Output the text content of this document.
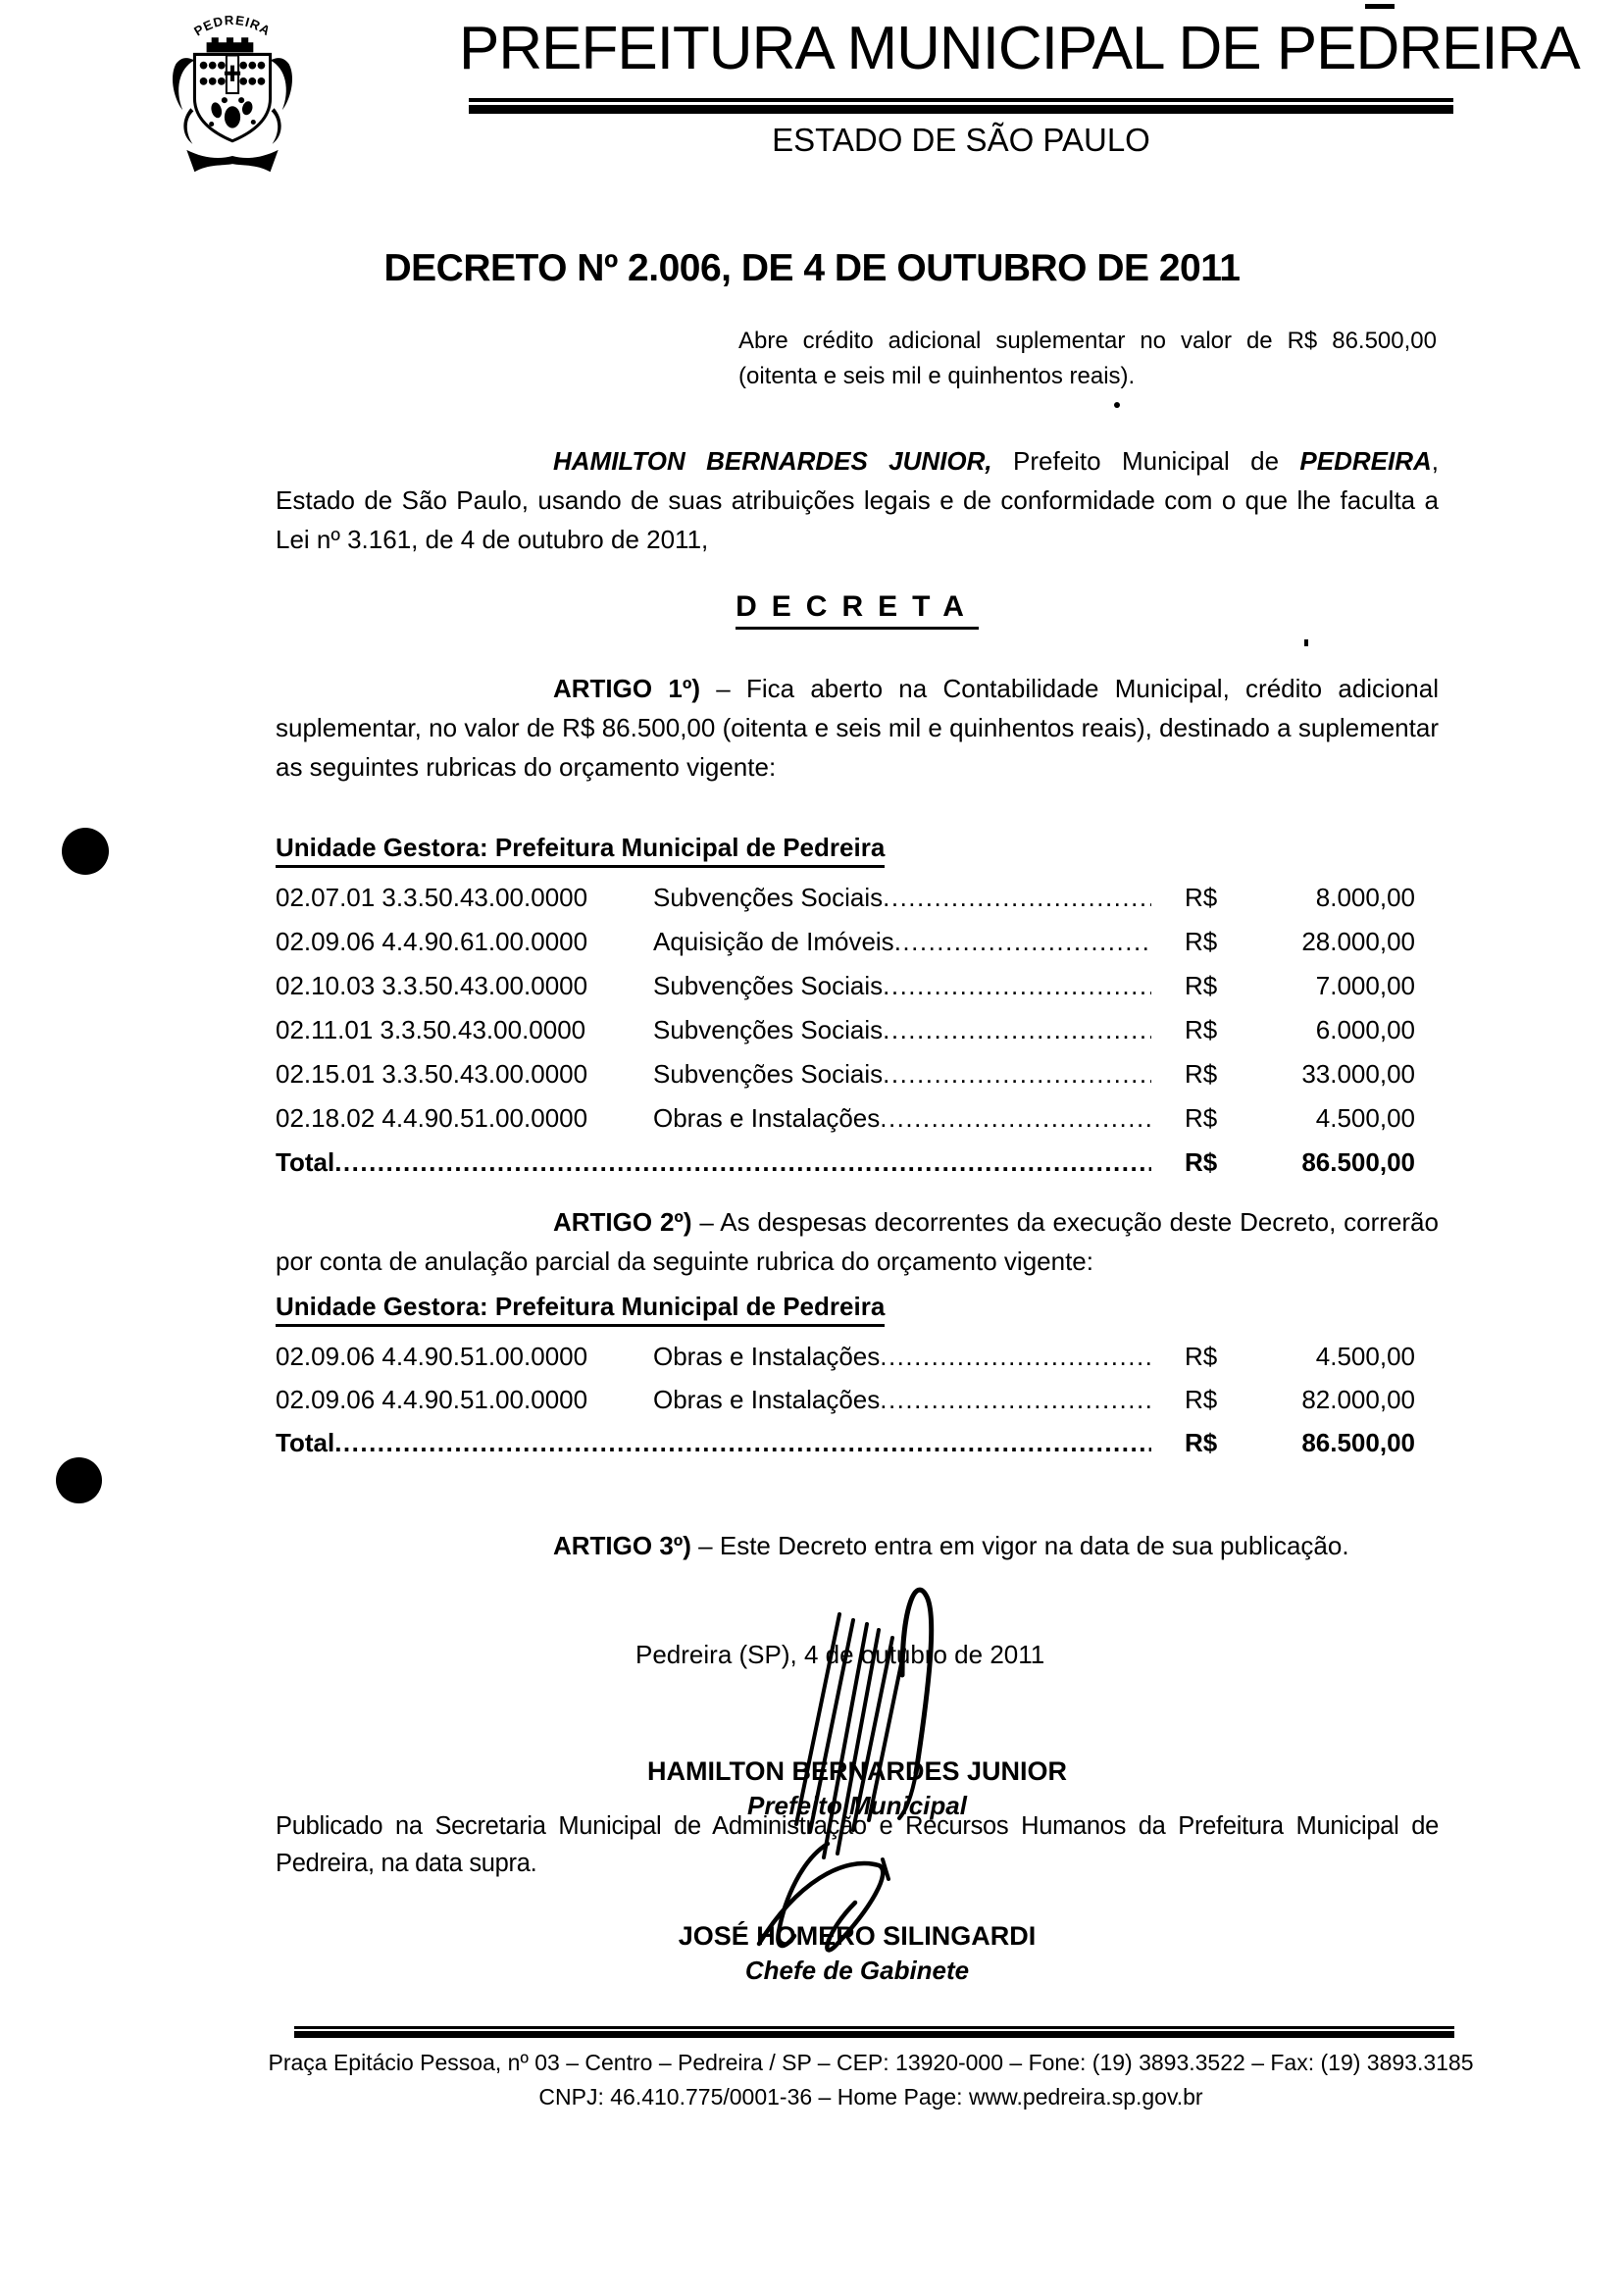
PEDREIRA	PREFEITURA MUNICIPAL DE PEDREIRA
ESTADO DE SÃO PAULO
DECRETO Nº 2.006, DE 4 DE OUTUBRO DE 2011
Abre crédito adicional suplementar no valor de R$ 86.500,00
(oitenta e seis mil e quinhentos reais).
HAMILTON BERNARDES JUNIOR, Prefeito Municipal de PEDREIRA, Estado de São Paulo, usando de suas atribuições legais e de conformidade com o que lhe faculta a Lei nº 3.161, de 4 de outubro de 2011,
DECRETA
ARTIGO 1º) – Fica aberto na Contabilidade Municipal, crédito adicional suplementar, no valor de R$ 86.500,00 (oitenta e seis mil e quinhentos reais), destinado a suplementar as seguintes rubricas do orçamento vigente:
Unidade Gestora: Prefeitura Municipal de Pedreira
02.07.01 3.3.50.43.00.0000	Subvenções Sociais .....	R$	8.000,00
02.09.06 4.4.90.61.00.0000	Aquisição de Imóveis .....	R$	28.000,00
02.10.03 3.3.50.43.00.0000	Subvenções Sociais .....	R$	7.000,00
02.11.01 3.3.50.43.00.0000	Subvenções Sociais .....	R$	6.000,00
02.15.01 3.3.50.43.00.0000	Subvenções Sociais .....	R$	33.000,00
02.18.02 4.4.90.51.00.0000	Obras e Instalações .....	R$	4.500,00
Total .....	R$	86.500,00
ARTIGO 2º) – As despesas decorrentes da execução deste Decreto, correrão por conta de anulação parcial da seguinte rubrica do orçamento vigente:
Unidade Gestora: Prefeitura Municipal de Pedreira
02.09.06 4.4.90.51.00.0000	Obras e Instalações .....	R$	4.500,00
02.09.06 4.4.90.51.00.0000	Obras e Instalações .....	R$	82.000,00
Total .....	R$	86.500,00
ARTIGO 3º) – Este Decreto entra em vigor na data de sua publicação.
Pedreira (SP), 4 de outubro de 2011
HAMILTON BERNARDES JUNIOR
Prefeito Municipal
Publicado na Secretaria Municipal de Administração e Recursos Humanos da Prefeitura Municipal de Pedreira, na data supra.
JOSÉ HOMERO SILINGARDI
Chefe de Gabinete
Praça Epitácio Pessoa, nº 03 – Centro – Pedreira / SP – CEP: 13920-000 – Fone: (19) 3893.3522 – Fax: (19) 3893.3185
CNPJ: 46.410.775/0001-36 – Home Page: www.pedreira.sp.gov.br
